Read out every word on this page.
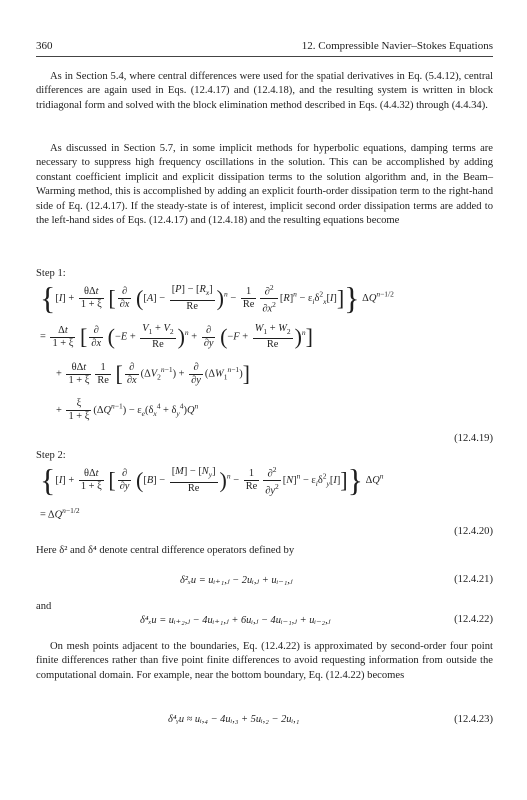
360	12. Compressible Navier–Stokes Equations

As in Section 5.4, where central differences were used for the spatial derivatives in Eq. (5.4.12), central differences are again used in Eqs. (12.4.17) and (12.4.18), and the resulting system is written in block tridiagonal form and solved with the block elimination method described in Eqs. (4.4.32) through (4.4.34).

As discussed in Section 5.7, in some implicit methods for hyperbolic equations, damping terms are necessary to suppress high frequency oscillations in the solution. This can be accomplished by adding constant coefficient implicit and explicit dissipation terms to the solution algorithm and, in the Beam–Warming method, this is accomplished by adding an explicit fourth-order dissipation term to the right-hand side of Eq. (12.4.17). If the steady-state is of interest, implicit second order dissipation terms are added to the left-hand sides of Eqs. (12.4.17) and (12.4.18) and the resulting equations become

Step 1:
{$[I] + \frac{\text{θΔt}}{1 + \xi}$ [ $\frac{\partial}{\partial x} ([A] - \frac{[P] - [R_x]}{Re} )^n - \frac{1}{Re} \frac{\partial^2}{\partial x^2} [R]^n - \varepsilon_i\delta^2_x[I]$]} $\Delta Q^{n-1/2}$
= $\frac{\Delta t}{1 + \xi}$ [ $\frac{\partial}{\partial x} (-E + \frac{V_1 + V_2}{Re} )^n + \frac{\partial}{\partial y} (-F + \frac{W_1 + W_2}{Re} )^n$]
+ $\frac{\text{θΔt}}{1 + \xi} \frac{1}{Re}$ [ $\frac{\partial}{\partial x} (\Delta V_2^{n-1}) + \frac{\partial}{\partial y} (\Delta W_1^{n-1})$]
+ $\frac{\xi}{1 + \xi} (\Delta Q^{n-1}) - \varepsilon_e(\delta_x^4 + \delta_y^4)Q^n$
(12.4.19)
Step 2:
{$[I] + \frac{\text{θΔt}}{1 + \xi}$ [ $\frac{\partial}{\partial y} ([B] - \frac{[M] - [N_y]}{Re} )^n - \frac{1}{Re} \frac{\partial^2}{\partial y^2} [N]^n - \varepsilon_i\delta^2_y[I]$]} $\Delta Q^n$
= $\Delta Q^{n-1/2}$
(12.4.20)

Here δ² and δ⁴ denote central difference operators defined by

δ²ₓu = uᵢ₊₁,ⱼ − 2uᵢ,ⱼ + uᵢ₋₁,ⱼ	(12.4.21)

and

δ⁴ₓu = uᵢ₊₂,ⱼ − 4uᵢ₊₁,ⱼ + 6uᵢ,ⱼ − 4uᵢ₋₁,ⱼ + uᵢ₋₂,ⱼ	(12.4.22)

On mesh points adjacent to the boundaries, Eq. (12.4.22) is approximated by second-order four point finite differences rather than five point finite differences to avoid requesting information from outside the computational domain. For example, near the bottom boundary, Eq. (12.4.22) becomes

δ⁴ᵧu ≈ uᵢ,₄ − 4uᵢ,₃ + 5uᵢ,₂ − 2uᵢ,₁	(12.4.23)
